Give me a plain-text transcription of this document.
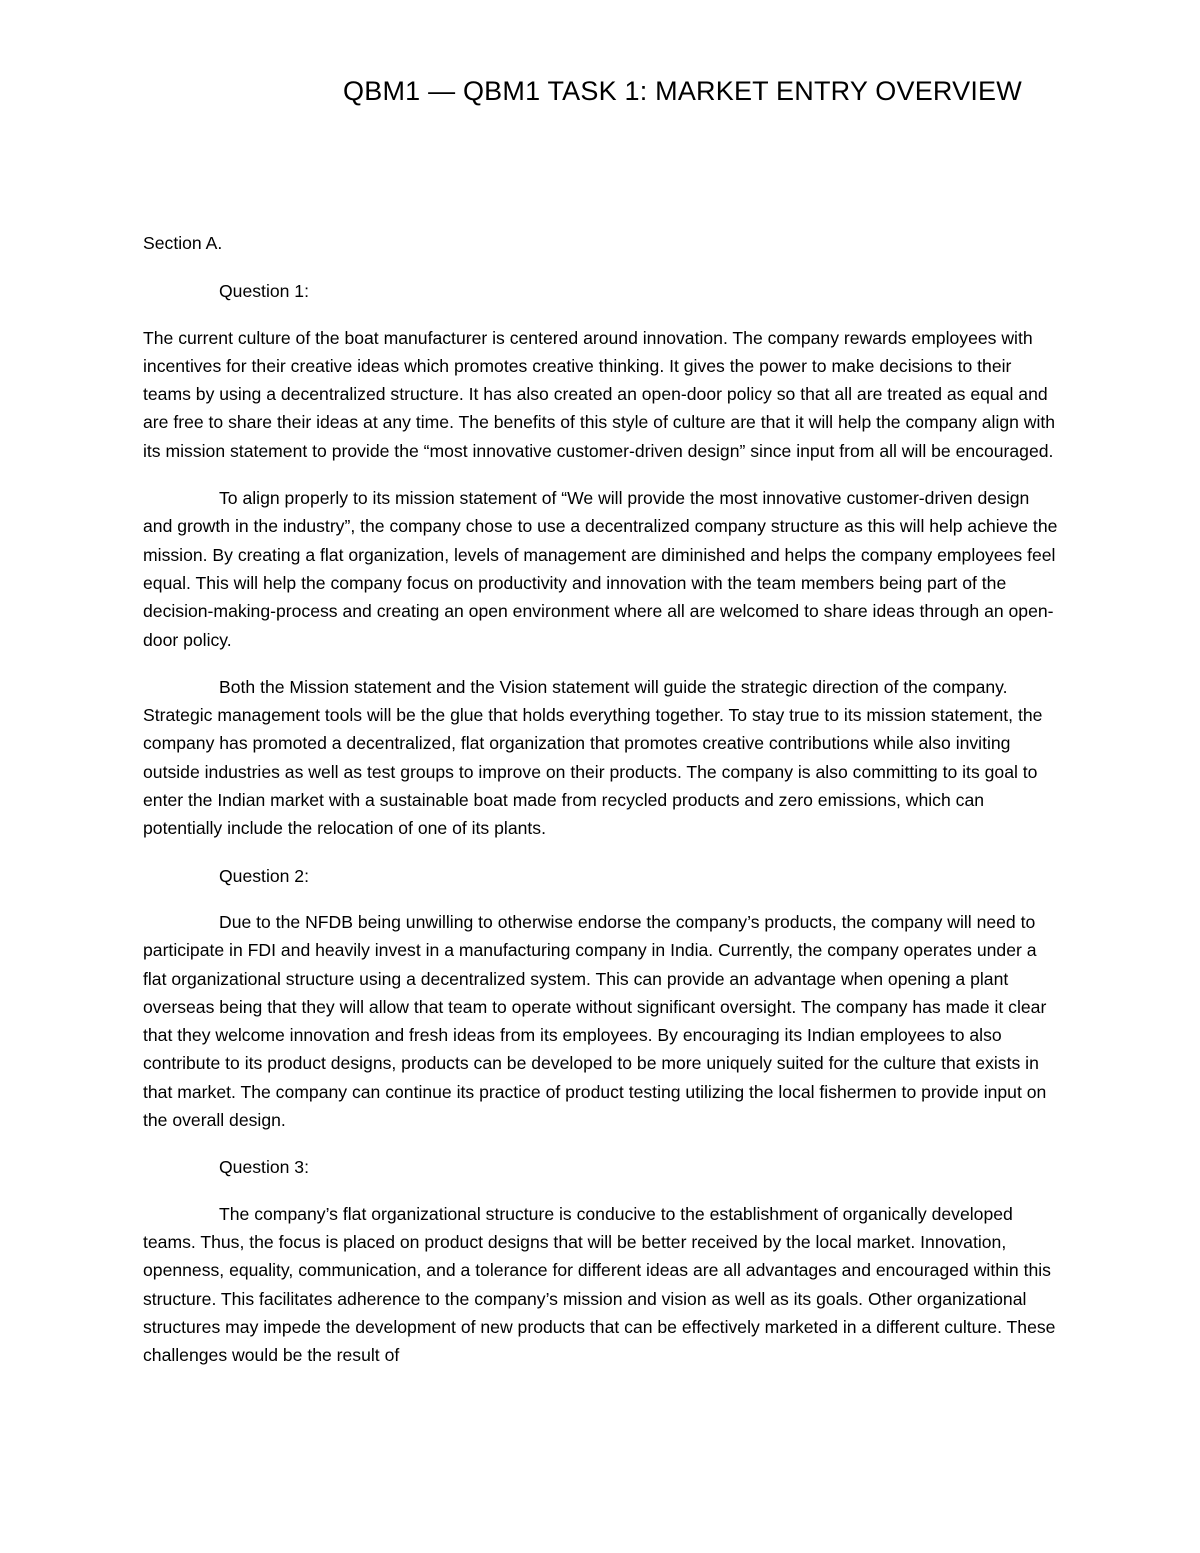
QBM1 — QBM1 TASK 1: MARKET ENTRY OVERVIEW

Section A.

Question 1:

The current culture of the boat manufacturer is centered around innovation. The company rewards employees with incentives for their creative ideas which promotes creative thinking. It gives the power to make decisions to their teams by using a decentralized structure. It has also created an open-door policy so that all are treated as equal and are free to share their ideas at any time. The benefits of this style of culture are that it will help the company align with its mission statement to provide the “most innovative customer-driven design” since input from all will be encouraged.

To align properly to its mission statement of “We will provide the most innovative customer-driven design and growth in the industry”, the company chose to use a decentralized company structure as this will help achieve the mission. By creating a flat organization, levels of management are diminished and helps the company employees feel equal. This will help the company focus on productivity and innovation with the team members being part of the decision-making-process and creating an open environment where all are welcomed to share ideas through an open-door policy.

Both the Mission statement and the Vision statement will guide the strategic direction of the company. Strategic management tools will be the glue that holds everything together. To stay true to its mission statement, the company has promoted a decentralized, flat organization that promotes creative contributions while also inviting outside industries as well as test groups to improve on their products. The company is also committing to its goal to enter the Indian market with a sustainable boat made from recycled products and zero emissions, which can potentially include the relocation of one of its plants.

Question 2:

Due to the NFDB being unwilling to otherwise endorse the company’s products, the company will need to participate in FDI and heavily invest in a manufacturing company in India. Currently, the company operates under a flat organizational structure using a decentralized system. This can provide an advantage when opening a plant overseas being that they will allow that team to operate without significant oversight. The company has made it clear that they welcome innovation and fresh ideas from its employees. By encouraging its Indian employees to also contribute to its product designs, products can be developed to be more uniquely suited for the culture that exists in that market. The company can continue its practice of product testing utilizing the local fishermen to provide input on the overall design.

Question 3:

The company’s flat organizational structure is conducive to the establishment of organically developed teams. Thus, the focus is placed on product designs that will be better received by the local market. Innovation, openness, equality, communication, and a tolerance for different ideas are all advantages and encouraged within this structure. This facilitates adherence to the company’s mission and vision as well as its goals. Other organizational structures may impede the development of new products that can be effectively marketed in a different culture. These challenges would be the result of
